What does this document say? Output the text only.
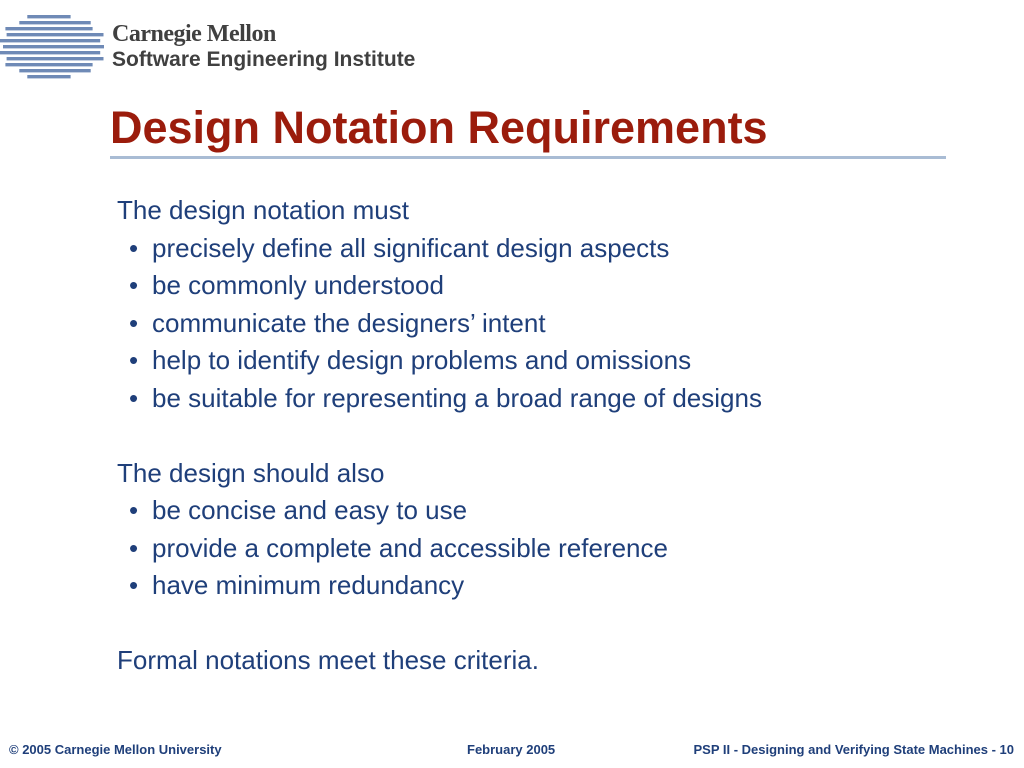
Carnegie Mellon
Software Engineering Institute
Design Notation Requirements
The design notation must
• precisely define all significant design aspects
• be commonly understood
• communicate the designers’ intent
• help to identify design problems and omissions
• be suitable for representing a broad range of designs
The design should also
• be concise and easy to use
• provide a complete and accessible reference
• have minimum redundancy
Formal notations meet these criteria.
© 2005 Carnegie Mellon University	February 2005	PSP II - Designing and Verifying State Machines - 10
